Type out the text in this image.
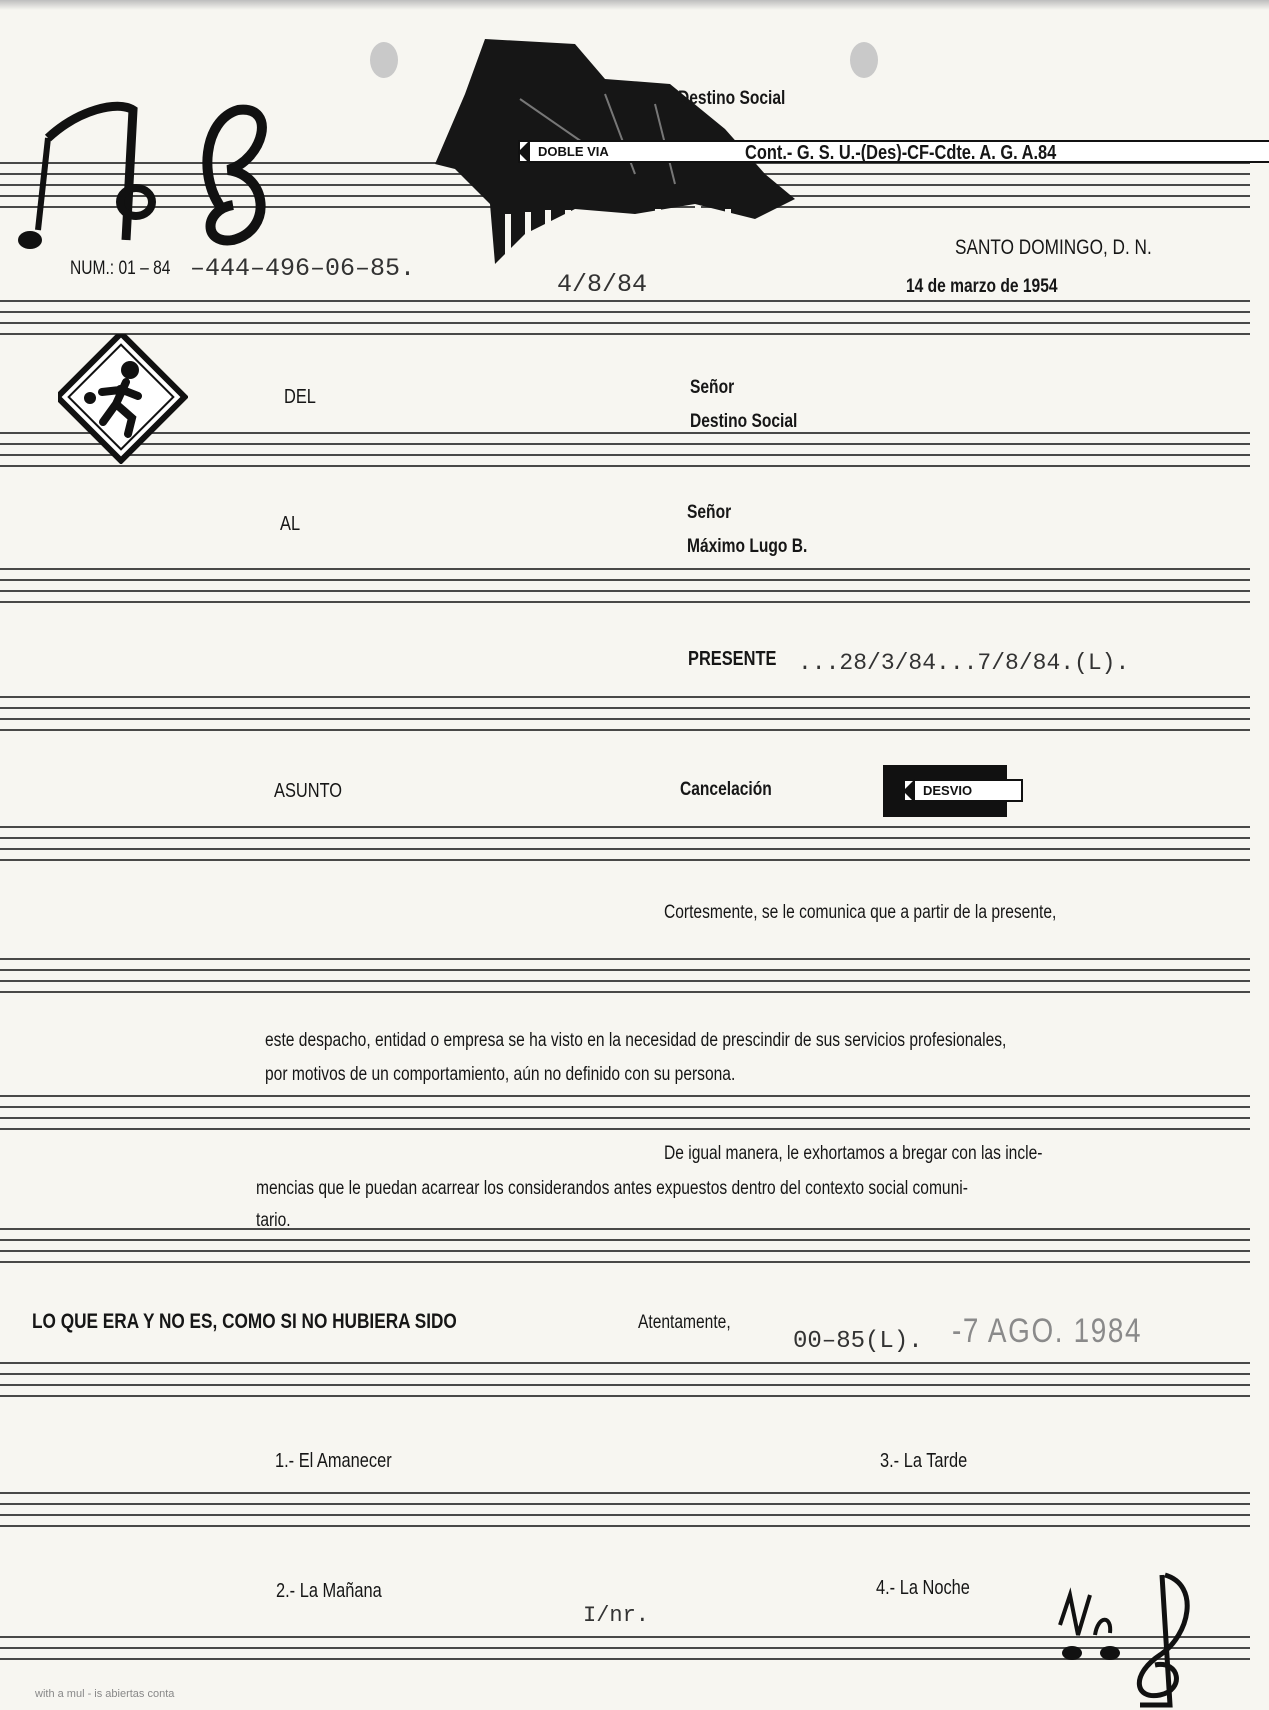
DOBLE VIA
Destino Social
Cont.- G. S. U.-(Des)-CF-Cdte. A. G. A.84
SANTO DOMINGO, D. N.
14 de marzo de 1954
NUM.: 01 – 84 –444–496–06–85.
4/8/84
DEL	Señor
Destino Social
AL
Señor
Máximo Lugo B.
PRESENTE ...28/3/84...7/8/84.(L).
ASUNTO	Cancelación	DESVIO
Cortesmente, se le comunica que a partir de la presente,
este despacho, entidad o empresa se ha visto en la necesidad de prescindir de sus servicios profesionales,
por motivos de un comportamiento, aún no definido con su persona.
De igual manera, le exhortamos a bregar con las incle-
mencias que le puedan acarrear los considerandos antes expuestos dentro del contexto social comuni-
tario.
LO QUE ERA Y NO ES, COMO SI NO HUBIERA SIDO	Atentamente,
00–85(L). -7 AGO. 1984
1.- El Amanecer
2.- La Mañana
3.- La Tarde
4.- La Noche
I/nr.
with a mul - is abiertas conta
